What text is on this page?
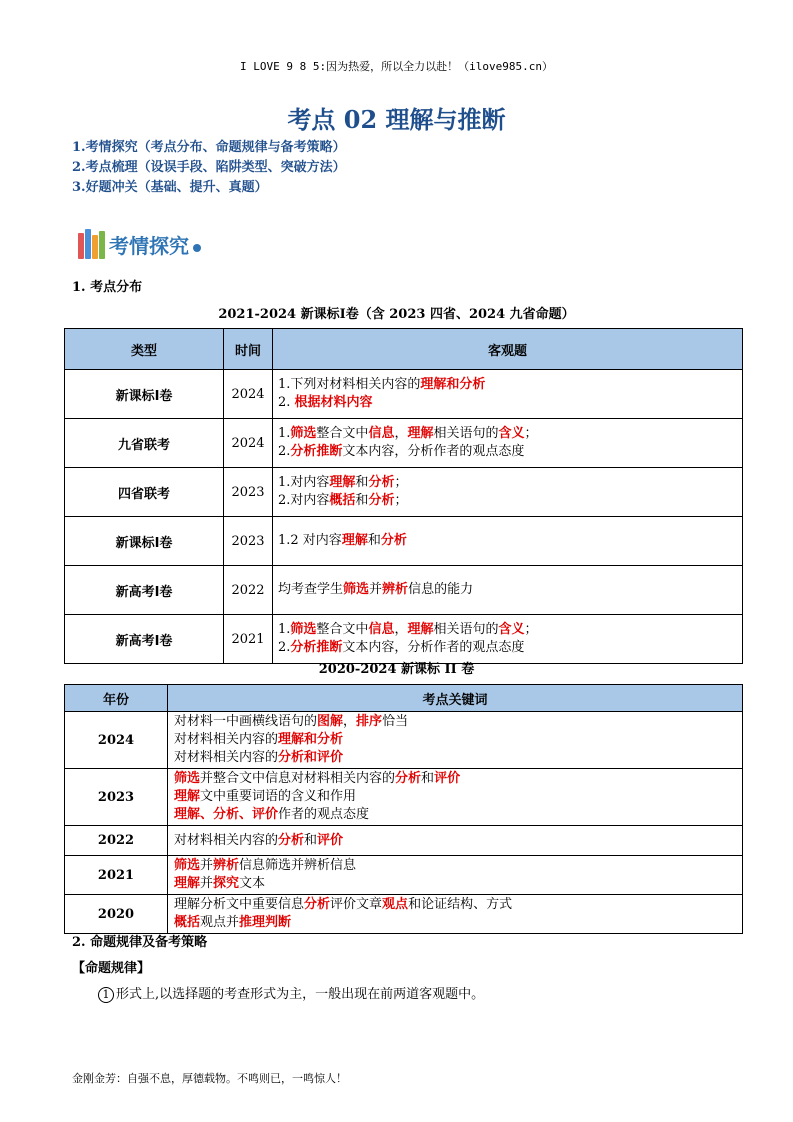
I LOVE 9 8 5:因为热爱，所以全力以赴！（ilove985.cn）
考点 02 理解与推断
1.考情探究（考点分布、命题规律与备考策略）
2.考点梳理（设误手段、陷阱类型、突破方法）
3.好题冲关（基础、提升、真题）
考情探究
1. 考点分布
2021-2024 新课标Ⅰ卷（含 2023 四省、2024 九省命题）
类型	时间	客观题
新课标Ⅰ卷	2024	1.下列对材料相关内容的理解和分析
2. 根据材料内容

九省联考	2024	1.筛选整合文中信息，理解相关语句的含义；
2.分析推断文本内容，分析作者的观点态度

四省联考	2023	1.对内容理解和分析；
2.对内容概括和分析；

新课标Ⅰ卷	2023	1.2 对内容理解和分析

新高考Ⅰ卷	2022	均考查学生筛选并辨析信息的能力

新高考Ⅰ卷	2021	1.筛选整合文中信息，理解相关语句的含义；
2.分析推断文本内容，分析作者的观点态度
2020-2024 新课标 II 卷
年份	考点关键词
2024	对材料一中画横线语句的图解，排序恰当
对材料相关内容的理解和分析
对材料相关内容的分析和评价

2023	筛选并整合文中信息对材料相关内容的分析和评价
理解文中重要词语的含义和作用
理解、分析、评价作者的观点态度

2022	对材料相关内容的分析和评价

2021	筛选并辨析信息筛选并辨析信息
理解并探究文本

2020	理解分析文中重要信息分析评价文章观点和论证结构、方式
概括观点并推理判断
2. 命题规律及备考策略
【命题规律】
1 形式上,以选择题的考查形式为主，一般出现在前两道客观题中。
金刚金芳：自强不息，厚德载物。不鸣则已，一鸣惊人！
